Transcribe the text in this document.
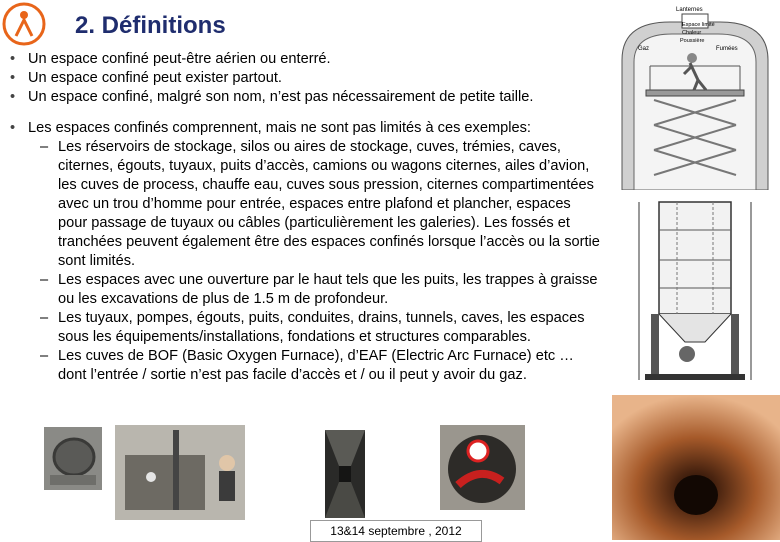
2. Définitions
• Un espace confiné peut-être aérien ou enterré.
• Un espace confiné peut exister partout.
• Un espace confiné, malgré son nom, n’est pas nécessairement de petite taille.
• Les espaces confinés comprennent, mais ne sont pas limités à ces exemples:
– Les réservoirs de stockage, silos ou aires de stockage, cuves, trémies, caves, citernes, égouts, tuyaux, puits d’accès, camions ou wagons citernes, ailes d’avion, les cuves de process, chauffe eau, cuves sous pression, citernes compartimentées avec un trou d’homme pour entrée, espaces entre plafond et plancher, espaces pour passage de tuyaux ou câbles (particulièrement les galeries). Les fossés et tranchées peuvent également être des espaces confinés lorsque l’accès ou la sortie sont limités.
– Les espaces avec une ouverture par le haut tels que les puits, les trappes à graisse ou les excavations de plus de 1.5 m de profondeur.
– Les tuyaux, pompes, égouts, puits, conduites, drains, tunnels, caves, les espaces sous les équipements/installations, fondations et structures comparables.
– Les cuves de BOF (Basic Oxygen Furnace), d’EAF (Electric Arc Furnace) etc … dont l’entrée / sortie n’est pas facile d’accès et / ou il peut y avoir du gaz.
Lanternes
Espace limité
Chaleur
Poussière
Gaz	Fumées
13&14 septembre , 2012
